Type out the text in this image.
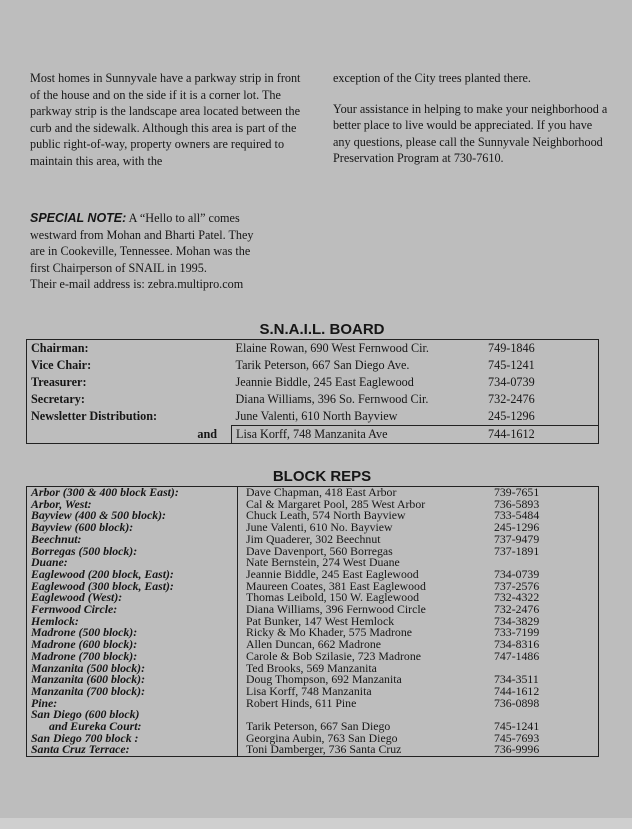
Most homes in Sunnyvale have a parkway strip in front of the house and on the side if it is a corner lot. The parkway strip is the landscape area located between the curb and the sidewalk. Although this area is part of the public right-of-way, property owners are required to maintain this area, with the

exception of the City trees planted there.

Your assistance in helping to make your neighborhood a better place to live would be appreciated. If you have any questions, please call the Sunnyvale Neighborhood Preservation Program at 730-7610.

SPECIAL NOTE: A “Hello to all” comes
westward from Mohan and Bharti Patel. They
are in Cookeville, Tennessee. Mohan was the
first Chairperson of SNAIL in 1995.
Their e-mail address is: zebra.multipro.com
S.N.A.I.L. BOARD
Chairman:	Elaine Rowan, 690 West Fernwood Cir.	749-1846
Vice Chair:	Tarik Peterson, 667 San Diego Ave.	745-1241
Treasurer:	Jeannie Biddle, 245 East Eaglewood	734-0739
Secretary:	Diana Williams, 396 So. Fernwood Cir.	732-2476
Newsletter Distribution:	June Valenti, 610 North Bayview	245-1296
and	Lisa Korff, 748 Manzanita Ave	744-1612
BLOCK REPS
Arbor (300 & 400 block East):	Dave Chapman, 418 East Arbor	739-7651
Arbor, West:	Cal & Margaret Pool, 285 West Arbor	736-5893
Bayview (400 & 500 block):	Chuck Leath, 574 North Bayview	733-5484
Bayview (600 block):	June Valenti, 610 No. Bayview	245-1296
Beechnut:	Jim Quaderer, 302 Beechnut	737-9479
Borregas (500 block):	Dave Davenport, 560 Borregas	737-1891
Duane:	Nate Bernstein, 274 West Duane	
Eaglewood (200 block, East):	Jeannie Biddle, 245 East Eaglewood	734-0739
Eaglewood (300 block, East):	Maureen Coates, 381 East Eaglewood	737-2576
Eaglewood (West):	Thomas Leibold, 150 W. Eaglewood	732-4322
Fernwood Circle:	Diana Williams, 396 Fernwood Circle	732-2476
Hemlock:	Pat Bunker, 147 West Hemlock	734-3829
Madrone (500 block):	Ricky & Mo Khader, 575 Madrone	733-7199
Madrone (600 block):	Allen Duncan, 662 Madrone	734-8316
Madrone (700 block):	Carole & Bob Szilasie, 723 Madrone	747-1486
Manzanita (500 block):	Ted Brooks, 569 Manzanita	
Manzanita (600 block):	Doug Thompson, 692 Manzanita	734-3511
Manzanita (700 block):	Lisa Korff, 748 Manzanita	744-1612
Pine:	Robert Hinds, 611 Pine	736-0898
San Diego (600 block)		
and Eureka Court:	Tarik Peterson, 667 San Diego	745-1241
San Diego 700 block :	Georgina Aubin, 763 San Diego	745-7693
Santa Cruz Terrace:	Toni Damberger, 736 Santa Cruz	736-9996
